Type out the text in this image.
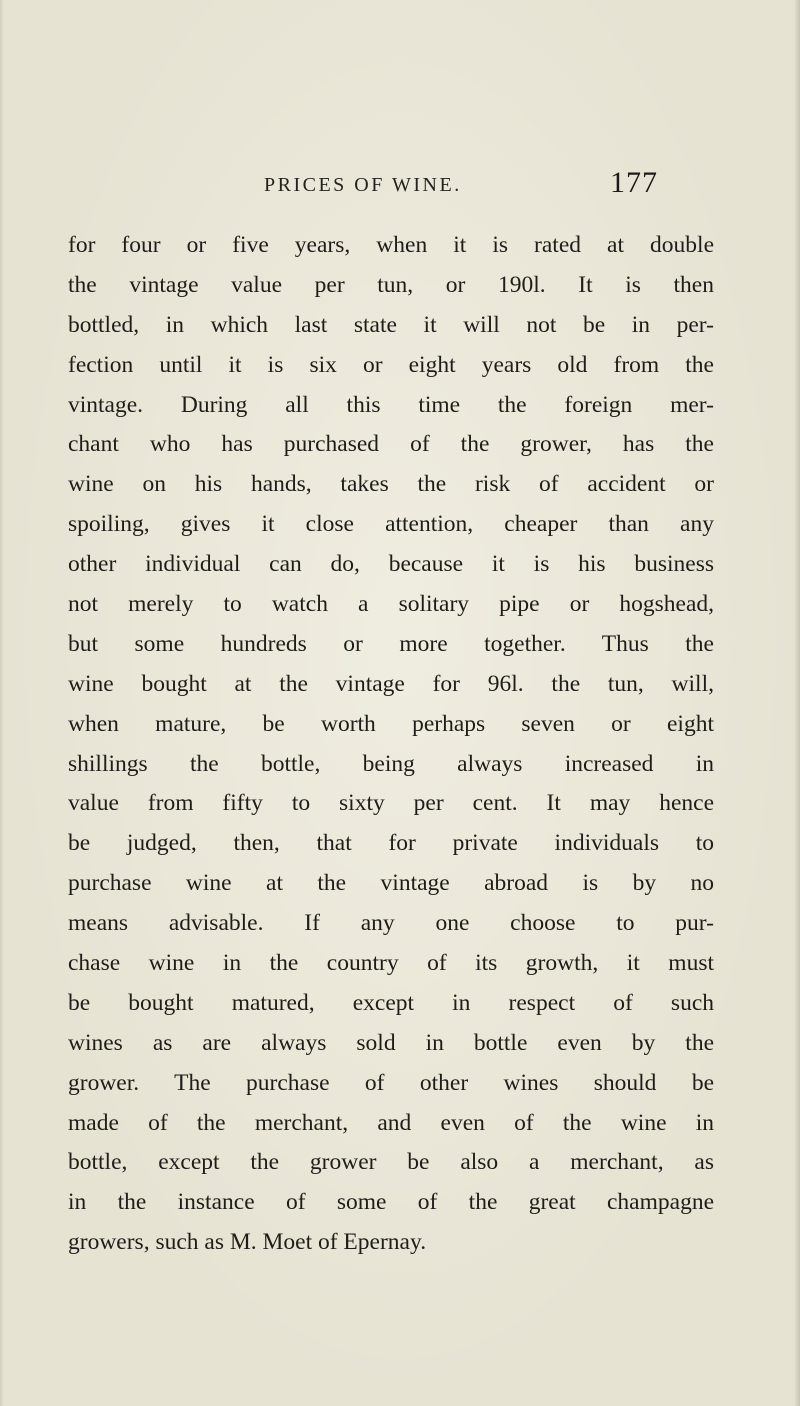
PRICES OF WINE.	177
for four or five years, when it is rated at double
the vintage value per tun, or 190l. It is then
bottled, in which last state it will not be in per-
fection until it is six or eight years old from the
vintage. During all this time the foreign mer-
chant who has purchased of the grower, has the
wine on his hands, takes the risk of accident or
spoiling, gives it close attention, cheaper than any
other individual can do, because it is his business
not merely to watch a solitary pipe or hogshead,
but some hundreds or more together. Thus the
wine bought at the vintage for 96l. the tun, will,
when mature, be worth perhaps seven or eight
shillings the bottle, being always increased in
value from fifty to sixty per cent. It may hence
be judged, then, that for private individuals to
purchase wine at the vintage abroad is by no
means advisable. If any one choose to pur-
chase wine in the country of its growth, it must
be bought matured, except in respect of such
wines as are always sold in bottle even by the
grower. The purchase of other wines should be
made of the merchant, and even of the wine in
bottle, except the grower be also a merchant, as
in the instance of some of the great champagne
growers, such as M. Moet of Epernay.
